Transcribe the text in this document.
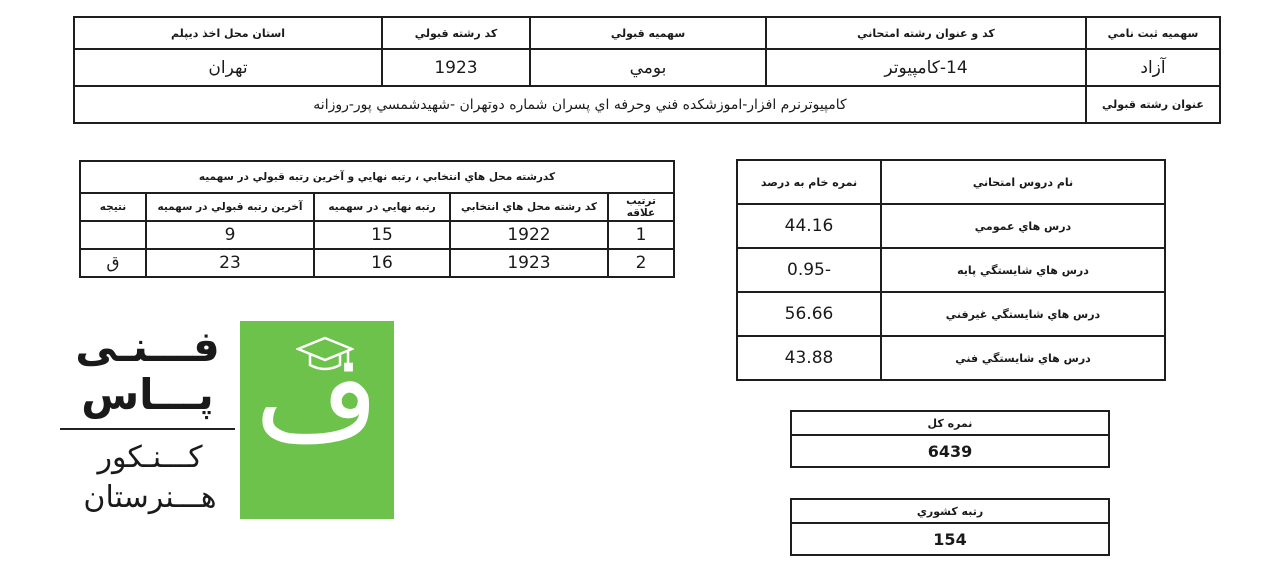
سهميه ثبت نامي	كد و عنوان رشته امتحاني	سهميه قبولي	كد رشته قبولي	استان محل اخذ ديپلم
آزاد	14-كامپيوتر	بومي	1923	تهران
عنوان رشته قبولي	كامپيوترنرم افزار-اموزشكده فني وحرفه اي پسران شماره دوتهران -شهيدشمسي پور-روزانه			
كدرشته محل هاي انتخابي ، رتبه نهايي و آخرين رتبه قبولي در سهميه				
ترتيب علاقه	كد رشته محل هاي انتخابي	رتبه نهايي در سهميه	آخرين رتبه قبولي در سهميه	نتيجه
1	1922	15	9	
2	1923	16	23	ق
نام دروس امتحاني	نمره خام به درصد
درس هاي عمومي	44.16
درس هاي شايستگي پايه	-0.95
درس هاي شايستگي غيرفني	56.66
درس هاي شايستگي فني	43.88
نمره كل
6439
رتبه كشوري
154
ف
فـــنـی
پـــاس
کـــنـکور
هـــنرستان
